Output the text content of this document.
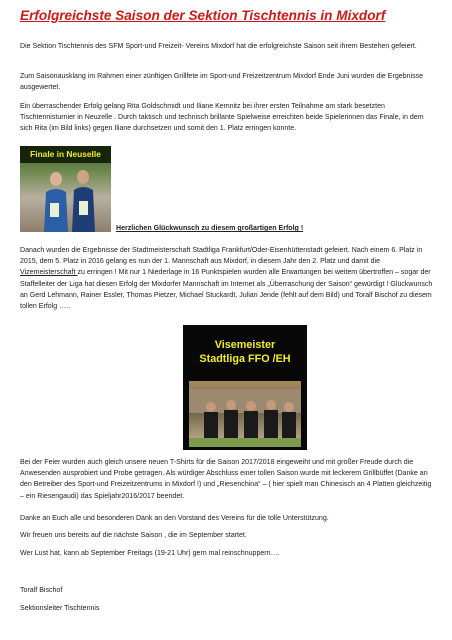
Erfolgreichste Saison der Sektion Tischtennis in Mixdorf

Die Sektion Tischtennis des SFM Sport-und Freizeit- Vereins Mixdorf hat die erfolgreichste Saison seit ihrem Bestehen gefeiert.

Zum Saisonausklang im Rahmen einer zünftigen Grillfete im Sport-und Freizeitzentrum Mixdorf Ende Juni wurden die Ergebnisse ausgewertet.

Ein überraschender Erfolg gelang Rita Goldschmidt und Iliane Kemnitz bei ihrer ersten Teilnahme am stark besetzten Tischtennisturnier in Neuzelle . Durch taktisch und technisch brillante Spielweise erreichten beide Spielerinnen das Finale, in dem sich Rita (im Bild links) gegen Iliane durchsetzen und somit den 1. Platz erringen konnte.

Finale in Neuselle
Herzlichen Glückwunsch zu diesem großartigen Erfolg !

Danach wurden die Ergebnisse der Stadtmeisterschaft Stadtliga Frankfurt/Oder-Eisenhüttenstadt gefeiert. Nach einem 6. Platz in 2015, dem 5. Platz in 2016 gelang es nun der 1. Mannschaft aus Mixdorf, in diesem Jahr den 2. Platz und damit die Vizemeisterschaft zu erringen ! Mit nur 1 Niederlage in 16 Punktspielen wurden alle Erwartungen bei weitem übertroffen – sogar der Staffelleiter der Liga hat diesen Erfolg der Mixdorfer Mannschaft im Internet als „Überraschung der Saison“ gewürdigt ! Glückwunsch an Gerd Lehmann, Rainer Essler, Thomas Pietzer, Michael Stuckardt, Julian Jende (fehlt auf dem Bild) und Toralf Bischof zu diesem tollen Erfolg …..

Visemeister
Stadtliga FFO /EH

Bei der Feier wurden auch gleich unsere neuen T-Shirts für die Saison 2017/2018 eingeweiht und mit großer Freude durch die Anwesenden ausprobiert und Probe getragen. Als würdiger Abschluss einer tollen Saison wurde mit leckerem Grillbüffet (Danke an den Betreiber des Sport-und Freizeitzentrums in Mixdorf !) und „Riesenchina“ – ( hier spielt man Chinesisch an 4 Platten gleichzeitig – ein Riesengaudi) das Spieljahr2016/2017 beendet.

Danke an Euch alle und besonderen Dank an den Vorstand des Vereins für die tolle Unterstützung.

Wir freuen uns bereits auf die nächste Saison , die im September startet.

Wer Lust hat, kann ab September Freitags (19-21 Uhr) gern mal reinschnuppern….

Toralf Bischof

Sektionsleiter Tischtennis
